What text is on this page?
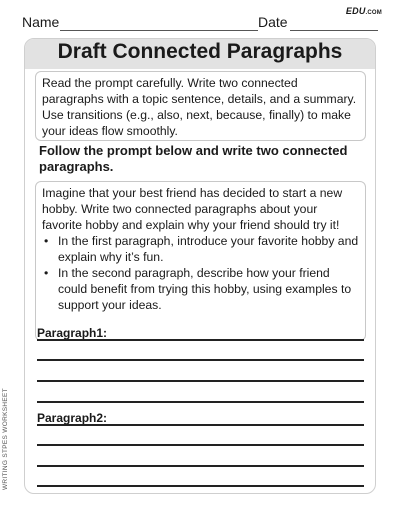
Name	Date
EDU.COM
Draft Connected Paragraphs

Read the prompt carefully. Write two connected paragraphs with a topic sentence, details, and a summary. Use transitions (e.g., also, next, because, finally) to make your ideas flow smoothly.

Follow the prompt below and write two connected paragraphs.

Imagine that your best friend has decided to start a new hobby. Write two connected paragraphs about your favorite hobby and explain why your friend should try it!

• In the first paragraph, introduce your favorite hobby and explain why it’s fun.
• In the second paragraph, describe how your friend could benefit from trying this hobby, using examples to support your ideas.
Paragraph1:
Paragraph2:
WRITING STPES WORKSHEET
